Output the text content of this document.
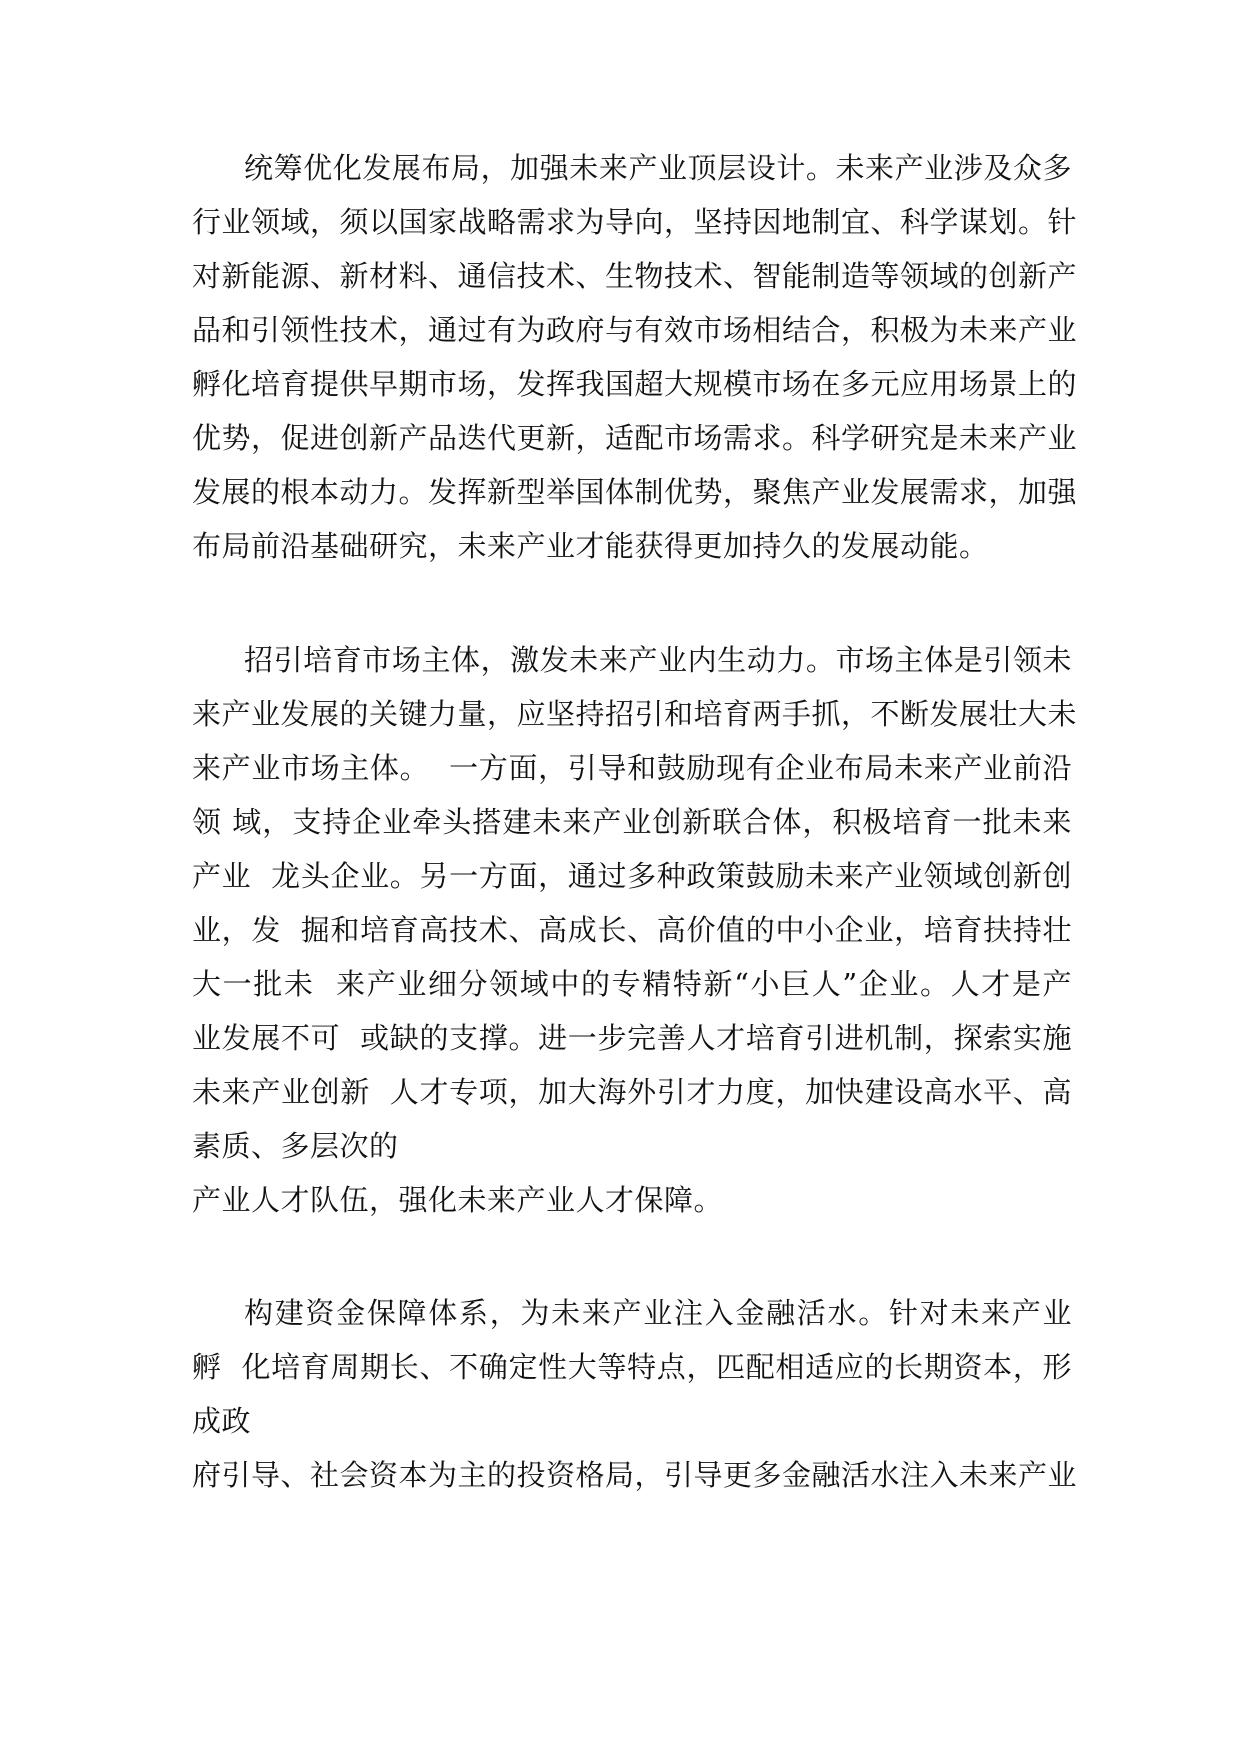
统筹优化发展布局，加强未来产业顶层设计。未来产业涉及众多
行业领域，须以国家战略需求为导向，坚持因地制宜、科学谋划。针
对新能源、新材料、通信技术、生物技术、智能制造等领域的创新产
品和引领性技术，通过有为政府与有效市场相结合，积极为未来产业
孵化培育提供早期市场，发挥我国超大规模市场在多元应用场景上的
优势，促进创新产品迭代更新，适配市场需求。科学研究是未来产业
发展的根本动力。发挥新型举国体制优势，聚焦产业发展需求，加强
布局前沿基础研究，未来产业才能获得更加持久的发展动能。
招引培育市场主体，激发未来产业内生动力。市场主体是引领未
来产业发展的关键力量，应坚持招引和培育两手抓，不断发展壮大未
来产业市场主体。  一方面，引导和鼓励现有企业布局未来产业前沿
领 域，支持企业牵头搭建未来产业创新联合体，积极培育一批未来
产业  龙头企业。另一方面，通过多种政策鼓励未来产业领域创新创
业，发  掘和培育高技术、高成长、高价值的中小企业，培育扶持壮
大一批未  来产业细分领域中的专精特新“小巨人”企业。人才是产
业发展不可  或缺的支撑。进一步完善人才培育引进机制，探索实施
未来产业创新  人才专项，加大海外引才力度，加快建设高水平、高
素质、多层次的
产业人才队伍，强化未来产业人才保障。
构建资金保障体系，为未来产业注入金融活水。针对未来产业
孵  化培育周期长、不确定性大等特点，匹配相适应的长期资本，形
成政
府引导、社会资本为主的投资格局，引导更多金融活水注入未来产业
